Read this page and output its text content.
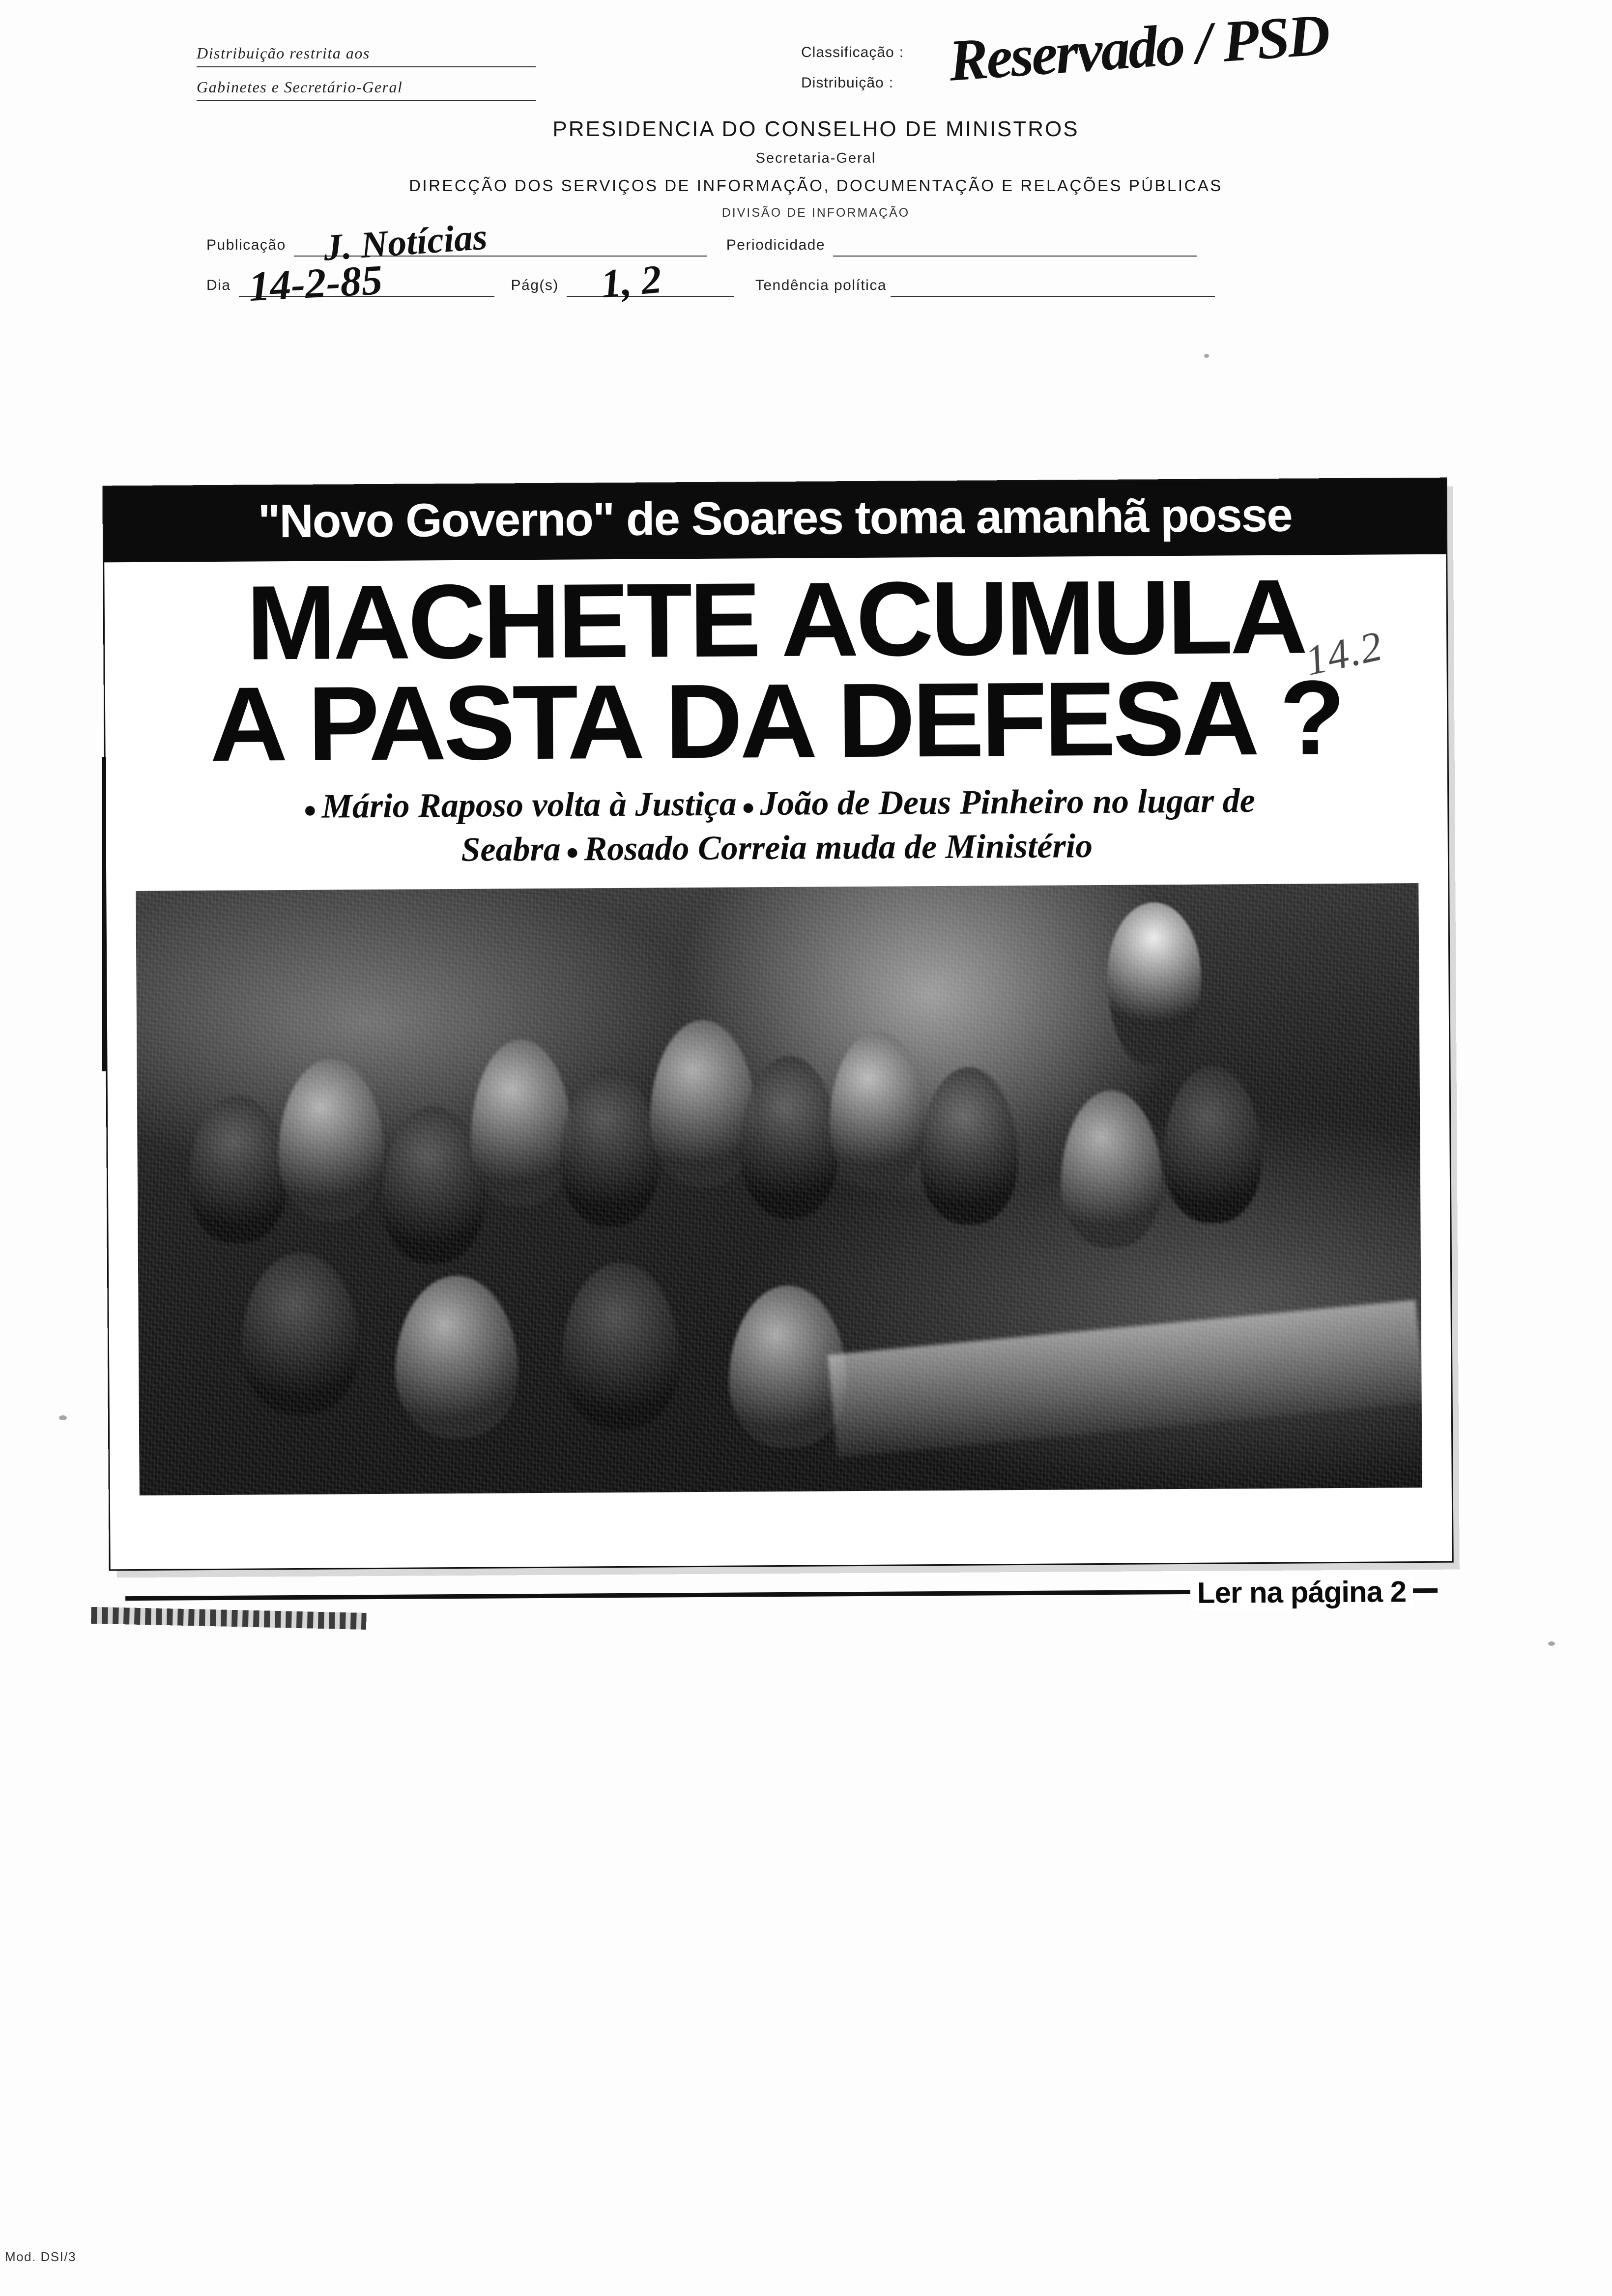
Distribuição restrita aos
Gabinetes e Secretário-Geral
Classificação :
Distribuição : Reservado / PSD
PRESIDENCIA DO CONSELHO DE MINISTROS
Secretaria-Geral
DIRECÇÃO DOS SERVIÇOS DE INFORMAÇÃO, DOCUMENTAÇÃO E RELAÇÕES PÚBLICAS
DIVISÃO DE INFORMAÇÃO
Publicação J. Notícias	Periodicidade
Dia 14-2-85	Pág(s) 1, 2	Tendência política
"Novo Governo" de Soares toma amanhã posse
MACHETE ACUMULA
A PASTA DA DEFESA ?
14.2
● Mário Raposo volta à Justiça ● João de Deus Pinheiro no lugar de
Seabra ● Rosado Correia muda de Ministério
Ler na página 2
Mod. DSI/3
